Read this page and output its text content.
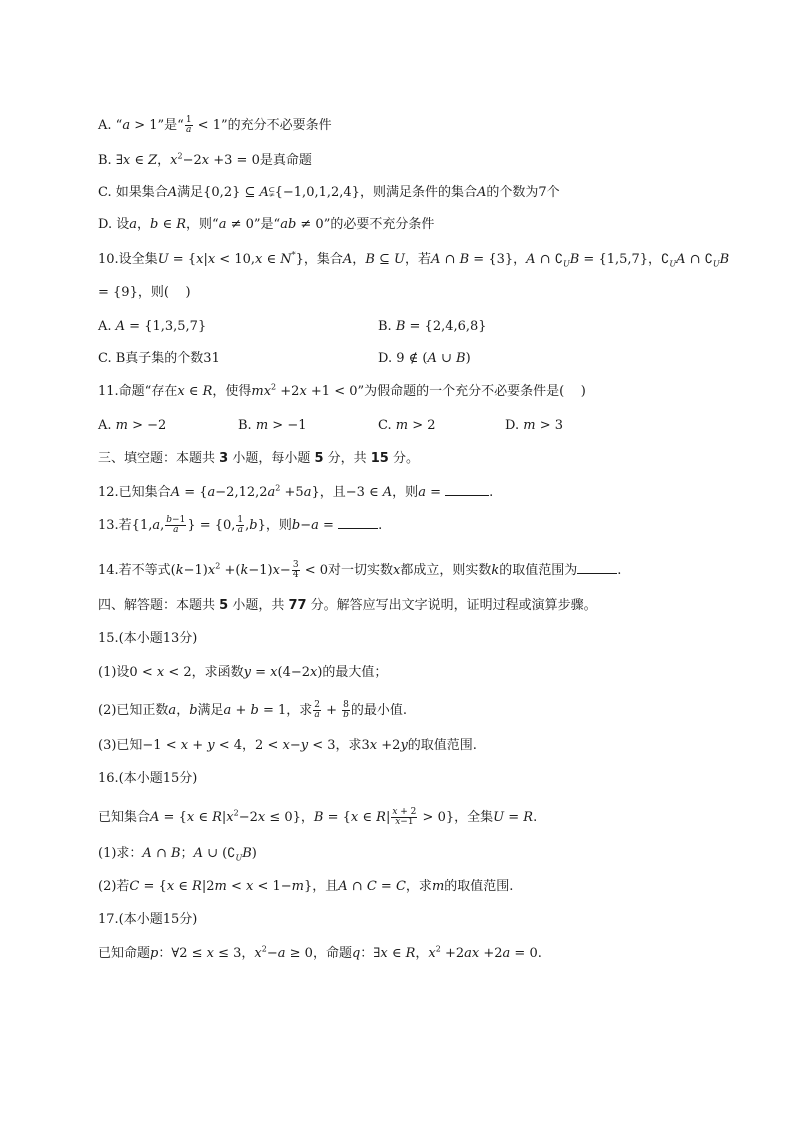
A. “a > 1”是“ $\frac{1}{a} < 1$”的充分不必要条件
B. ∃x ∈ Z，$x^2-2x +3 = 0$是真命题
C. 如果集合A满足{0,2} ⊆ A⫋{−1,0,1,2,4}，则满足条件的集合A的个数为7个
D. 设a，b ∈ R，则“a ≠ 0”是“ab ≠ 0”的必要不充分条件
10.设全集U = {x|x < 10,x ∈ N*}，集合A，B ⊆ U，若A ∩ B = {3}，A ∩ $∁_UB = \{1,5,7\}$，$∁_UA$ ∩ $∁_UB$
= {9}，则(    )
A. A = {1,3,5,7}	B. B = {2,4,6,8}
C. B真子集的个数31	D. 9 ∉ (A ∪ B)
11.命题“存在x ∈ R，使得$mx^2 +2x +1 < 0$”为假命题的一个充分不必要条件是(    )
A. m > −2	B. m > −1	C. m > 2	D. m > 3
三、填空题：本题共 3 小题，每小题 5 分，共 15 分。
12.已知集合$A = \{a-2,12,2a^2 +5a\}$，且−3 ∈ A，则a =	.
13.若{1,a, $\frac{b-1}{a}$ } = {0, $\frac{1}{a} ,b$}，则b−a =	.
14.若不等式$(k-1)x^2 +(k-1)x- \frac{3}{4} < 0$对一切实数x都成立，则实数k的取值范围为	.
四、解答题：本题共 5 小题，共 77 分。解答应写出文字说明，证明过程或演算步骤。
15.(本小题13分)
(1)设0 < x < 2，求函数y = x(4−2x)的最大值；
(2)已知正数a，b满足a + b = 1，求 $\frac{2}{a} + \frac{8}{b}$ 的最小值.
(3)已知−1 < x + y < 4，2 < x−y < 3，求3x +2y的取值范围.
16.(本小题15分)
已知集合A = {x ∈ $R|x^2-2x \le 0$}，B = {x ∈ $R| \frac{x + 2}{x-1} > 0$}，全集U = R.
(1)求：A ∩ B；A ∪ $(∁_UB)$
(2)若C = {x ∈ R|2m < x < 1−m}，且A ∩ C = C，求m的取值范围.
17.(本小题15分)
已知命题p：∀2 ≤ x ≤ 3，$x^2-a \ge 0$，命题q：∃x ∈ R，$x^2 +2ax +2a = 0$.
